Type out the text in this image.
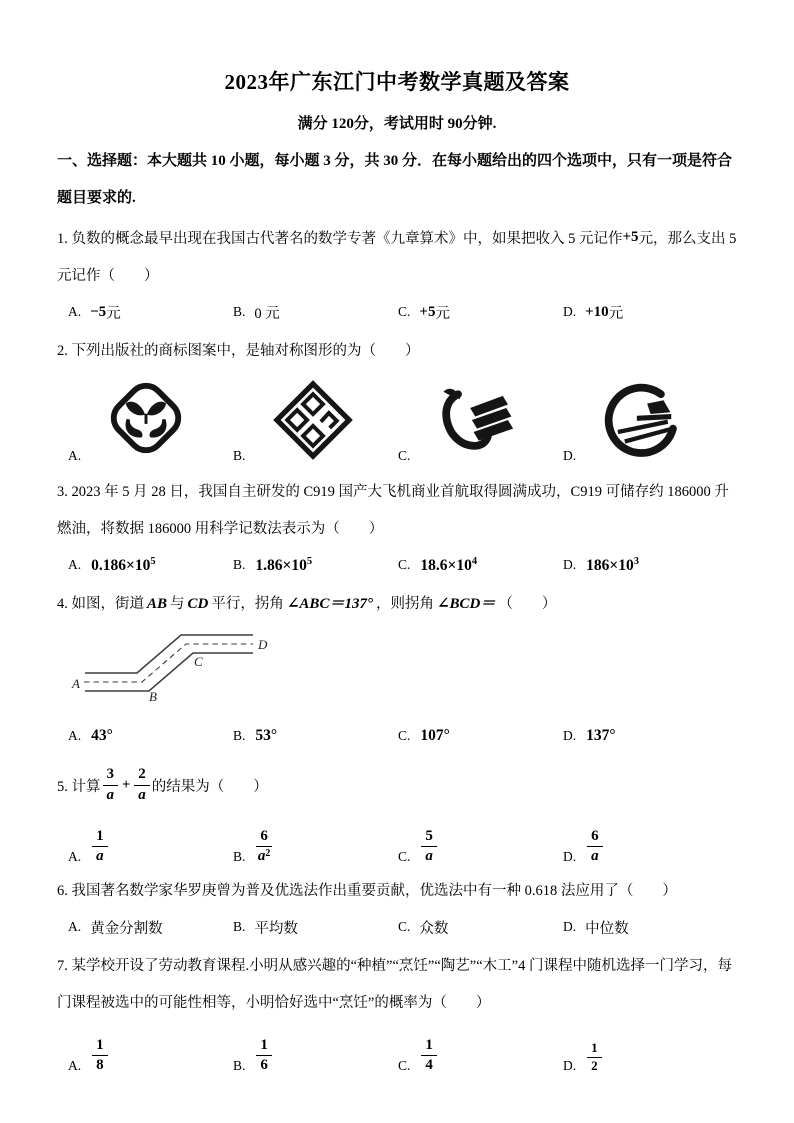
2023年广东江门中考数学真题及答案

满分 120分，考试用时 90分钟.

一、选择题：本大题共 10 小题，每小题 3 分，共 30 分．在每小题给出的四个选项中，只有一项是符合题目要求的.

1. 负数的概念最早出现在我国古代著名的数学专著《九章算术》中，如果把收入 5 元记作+5元，那么支出 5 元记作（　　）

A. −5元	B. 0 元	C. +5元	D. +10元

2. 下列出版社的商标图案中，是轴对称图形的为（　　）

A.	B.	C.	D.

3. 2023 年 5 月 28 日，我国自主研发的 C919 国产大飞机商业首航取得圆满成功，C919 可储存约 186000 升燃油，将数据 186000 用科学记数法表示为（　　）

A. $0.186\times 10^5$	B. $1.86\times 10^5$	C. $18.6\times 10^4$	D. $186\times 10^3$

4. 如图，街道 AB 与 CD 平行，拐角 ∠ABC＝137° ，则拐角 ∠BCD＝ （　　）

A
B
C
D
A. 43°	B. 53°	C. 107°	D. 137°
5. 计算 $\frac{3}{a} + \frac{2}{a}$ 的结果为（　　）
A. $\frac{1}{a}$	B. $\frac{6}{a^2}$	C. $\frac{5}{a}$	D. $\frac{6}{a}$

6. 我国著名数学家华罗庚曾为普及优选法作出重要贡献，优选法中有一种 0.618 法应用了（　　）

A. 黄金分割数	B. 平均数	C. 众数	D. 中位数

7. 某学校开设了劳动教育课程.小明从感兴趣的“种植”“烹饪”“陶艺”“木工”4 门课程中随机选择一门学习，每门课程被选中的可能性相等，小明恰好选中“烹饪”的概率为（　　）

A. $\frac{1}{8}$	B. $\frac{1}{6}$	C. $\frac{1}{4}$	D. $\frac{1}{2}$
